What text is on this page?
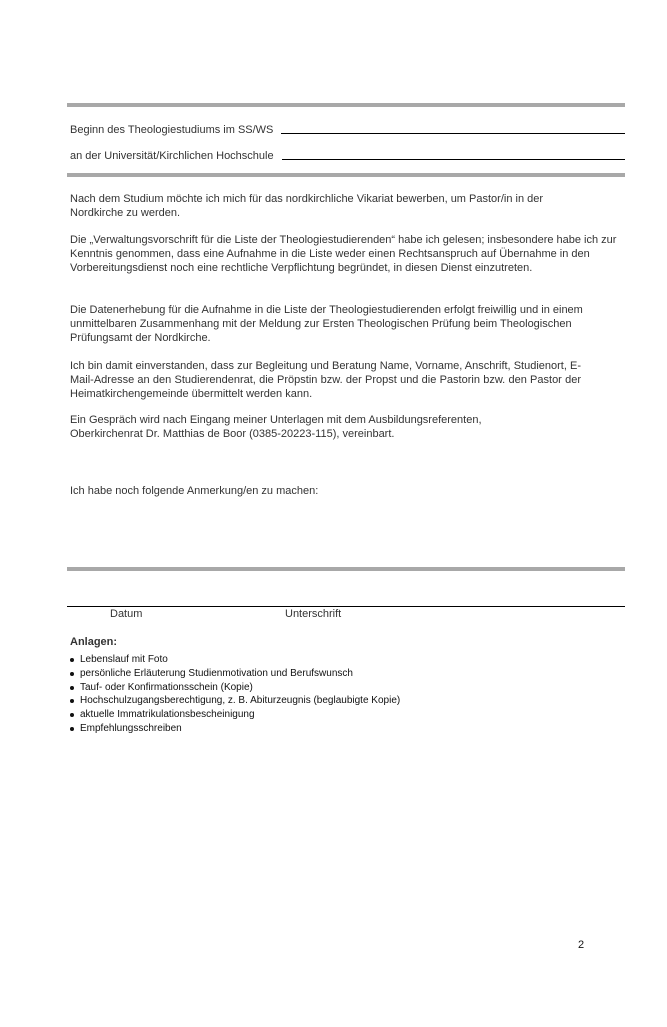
Beginn des Theologiestudiums im SS/WS
an der Universität/Kirchlichen Hochschule

Nach dem Studium möchte ich mich für das nordkirchliche Vikariat bewerben, um Pastor/in in der Nordkirche zu werden.

Die „Verwaltungsvorschrift für die Liste der Theologiestudierenden“ habe ich gelesen; insbesondere habe ich zur Kenntnis genommen, dass eine Aufnahme in die Liste weder einen Rechtsanspruch auf Übernahme in den Vorbereitungsdienst noch eine rechtliche Verpflichtung begründet, in diesen Dienst einzutreten.

Die Datenerhebung für die Aufnahme in die Liste der Theologiestudierenden erfolgt freiwillig und in einem unmittelbaren Zusammenhang mit der Meldung zur Ersten Theologischen Prüfung beim Theologischen Prüfungsamt der Nordkirche.

Ich bin damit einverstanden, dass zur Begleitung und Beratung Name, Vorname, Anschrift, Studienort, E-Mail-Adresse an den Studierendenrat, die Pröpstin bzw. der Propst und die Pastorin bzw. den Pastor der Heimatkirchengemeinde übermittelt werden kann.

Ein Gespräch wird nach Eingang meiner Unterlagen mit dem Ausbildungsreferenten, Oberkirchenrat Dr. Matthias de Boor (0385-20223-115), vereinbart.

Ich habe noch folgende Anmerkung/en zu machen:

Datum	Unterschrift
Anlagen:
Lebenslauf mit Foto
persönliche Erläuterung Studienmotivation und Berufswunsch
Tauf- oder Konfirmationsschein (Kopie)
Hochschulzugangsberechtigung, z. B. Abiturzeugnis (beglaubigte Kopie)
aktuelle Immatrikulationsbescheinigung
Empfehlungsschreiben
2
